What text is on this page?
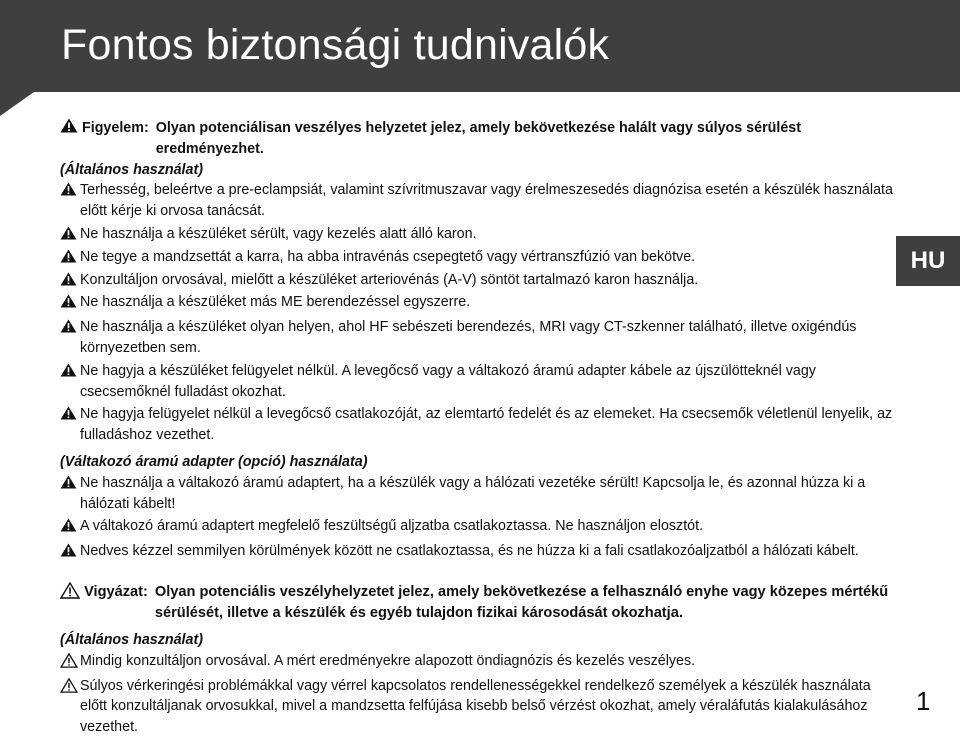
Fontos biztonsági tudnivalók
HU
Figyelem: Olyan potenciálisan veszélyes helyzetet jelez, amely bekövetkezése halált vagy súlyos sérülést eredményezhet.
(Általános használat)
Terhesség, beleértve a pre-eclampsiát, valamint szívritmuszavar vagy érelmeszesedés diagnózisa esetén a készülék használata előtt kérje ki orvosa tanácsát.
Ne használja a készüléket sérült, vagy kezelés alatt álló karon.
Ne tegye a mandzsettát a karra, ha abba intravénás csepegtető vagy vértranszfúzió van bekötve.
Konzultáljon orvosával, mielőtt a készüléket arteriovénás (A-V) söntöt tartalmazó karon használja.
Ne használja a készüléket más ME berendezéssel egyszerre.
Ne használja a készüléket olyan helyen, ahol HF sebészeti berendezés, MRI vagy CT-szkenner található, illetve oxigéndús környezetben sem.
Ne hagyja a készüléket felügyelet nélkül. A levegőcső vagy a váltakozó áramú adapter kábele az újszülötteknél vagy csecsemőknél fulladást okozhat.
Ne hagyja felügyelet nélkül a levegőcső csatlakozóját, az elemtartó fedelét és az elemeket. Ha csecsemők véletlenül lenyelik, az fulladáshoz vezethet.
(Váltakozó áramú adapter (opció) használata)
Ne használja a váltakozó áramú adaptert, ha a készülék vagy a hálózati vezetéke sérült! Kapcsolja le, és azonnal húzza ki a hálózati kábelt!
A váltakozó áramú adaptert megfelelő feszültségű aljzatba csatlakoztassa. Ne használjon elosztót.
Nedves kézzel semmilyen körülmények között ne csatlakoztassa, és ne húzza ki a fali csatlakozóaljzatból a hálózati kábelt.
Vigyázat: Olyan potenciális veszélyhelyzetet jelez, amely bekövetkezése a felhasználó enyhe vagy közepes mértékű sérülését, illetve a készülék és egyéb tulajdon fizikai károsodását okozhatja.
(Általános használat)
Mindig konzultáljon orvosával. A mért eredményekre alapozott öndiagnózis és kezelés veszélyes.
Súlyos vérkeringési problémákkal vagy vérrel kapcsolatos rendellenességekkel rendelkező személyek a készülék használata előtt konzultáljanak orvosukkal, mivel a mandzsetta felfújása kisebb belső vérzést okozhat, amely véraláfutás kialakulásához vezethet.
1
